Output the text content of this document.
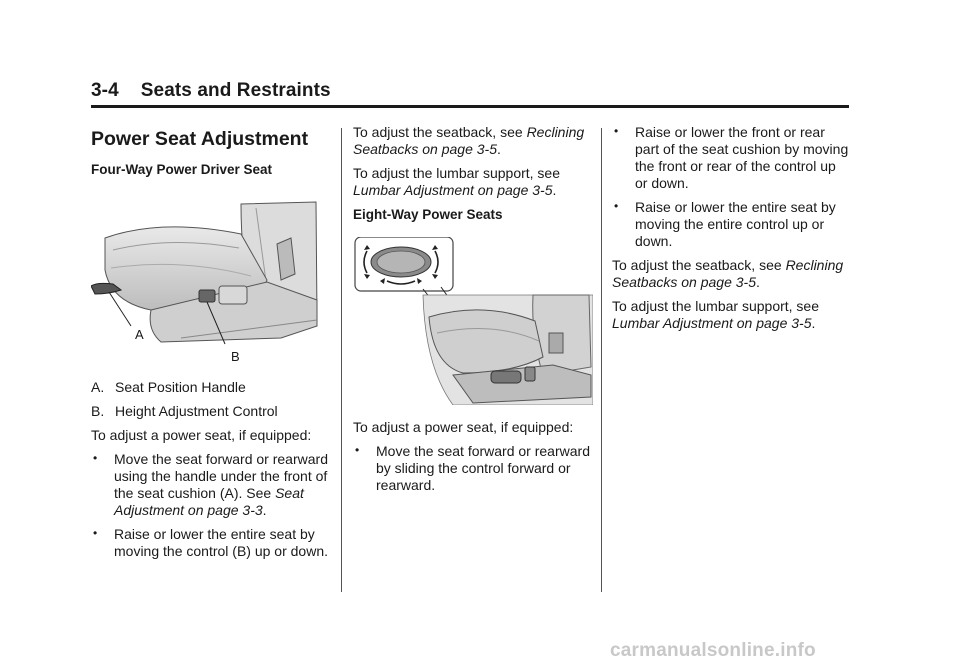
3-4 Seats and Restraints
Power Seat Adjustment
Four-Way Power Driver Seat
A
B
A. Seat Position Handle
B. Height Adjustment Control

To adjust a power seat, if equipped:

• Move the seat forward or rearward using the handle under the front of the seat cushion (A). See Seat Adjustment on page 3-3.
• Raise or lower the entire seat by moving the control (B) up or down.

To adjust the seatback, see Reclining Seatbacks on page 3-5.

To adjust the lumbar support, see Lumbar Adjustment on page 3-5.

Eight-Way Power Seats

To adjust a power seat, if equipped:

• Move the seat forward or rearward by sliding the control forward or rearward.
• Raise or lower the front or rear part of the seat cushion by moving the front or rear of the control up or down.
• Raise or lower the entire seat by moving the entire control up or down.

To adjust the seatback, see Reclining Seatbacks on page 3-5.

To adjust the lumbar support, see Lumbar Adjustment on page 3-5.

carmanualsonline.info
